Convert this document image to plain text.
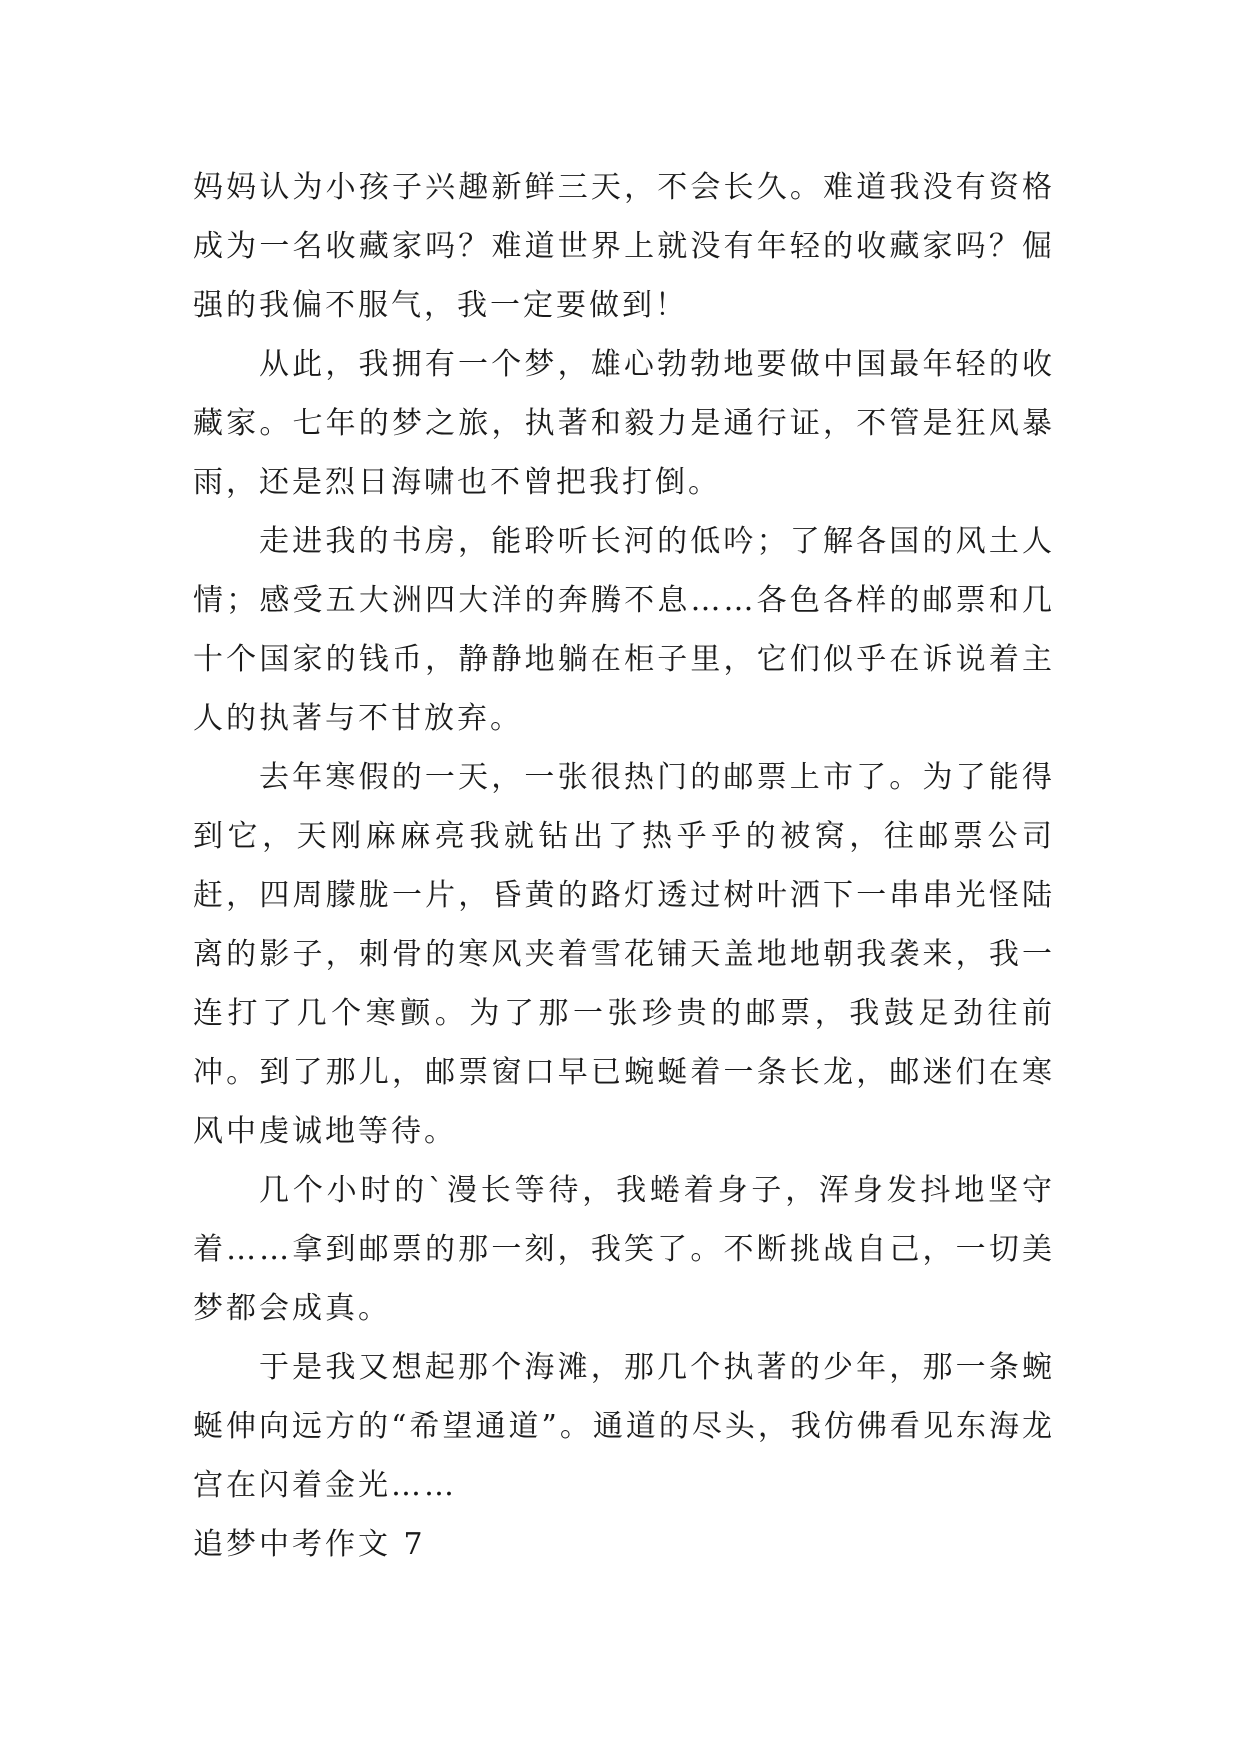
妈妈认为小孩子兴趣新鲜三天，不会长久。难道我没有资格成为一名收藏家吗？难道世界上就没有年轻的收藏家吗？倔强的我偏不服气，我一定要做到！

从此，我拥有一个梦，雄心勃勃地要做中国最年轻的收藏家。七年的梦之旅，执著和毅力是通行证，不管是狂风暴雨，还是烈日海啸也不曾把我打倒。

走进我的书房，能聆听长河的低吟；了解各国的风土人情；感受五大洲四大洋的奔腾不息……各色各样的邮票和几十个国家的钱币，静静地躺在柜子里，它们似乎在诉说着主人的执著与不甘放弃。

去年寒假的一天，一张很热门的邮票上市了。为了能得到它，天刚麻麻亮我就钻出了热乎乎的被窝，往邮票公司赶，四周朦胧一片，昏黄的路灯透过树叶洒下一串串光怪陆离的影子，刺骨的寒风夹着雪花铺天盖地地朝我袭来，我一连打了几个寒颤。为了那一张珍贵的邮票，我鼓足劲往前冲。到了那儿，邮票窗口早已蜿蜒着一条长龙，邮迷们在寒风中虔诚地等待。

几个小时的`漫长等待，我蜷着身子，浑身发抖地坚守着……拿到邮票的那一刻，我笑了。不断挑战自己，一切美梦都会成真。

于是我又想起那个海滩，那几个执著的少年，那一条蜿蜒伸向远方的“希望通道”。通道的尽头，我仿佛看见东海龙宫在闪着金光……

追梦中考作文 7
